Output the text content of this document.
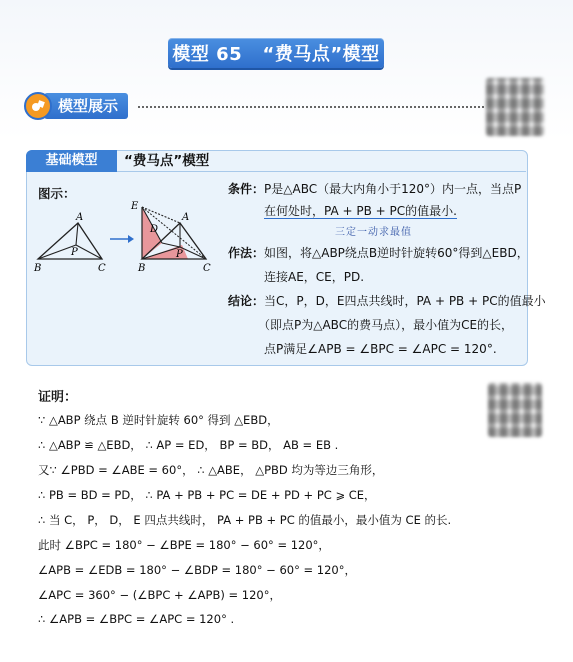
模型 65
“费马点”模型
模型展示
基础模型	“费马点”模型
图示：
A
P
B	C
E
D
A
P
B	C
条件：P是△ABC（最大内角小于120°）内一点，当点P
在何处时，PA + PB + PC的值最小.
三定一动求最值
作法：如图，将△ABP绕点B逆时针旋转60°得到△EBD，
连接AE，CE，PD.
结论：当C，P，D，E四点共线时，PA + PB + PC的值最小
（即点P为△ABC的费马点），最小值为CE的长，
点P满足∠APB = ∠BPC = ∠APC = 120°.
证明：
∵ △ABP 绕点 B 逆时针旋转 60° 得到 △EBD，
∴ △ABP ≌ △EBD， ∴ AP = ED， BP = BD， AB = EB .
又∵ ∠PBD = ∠ABE = 60°， ∴ △ABE， △PBD 均为等边三角形，
∴ PB = BD = PD， ∴ PA + PB + PC = DE + PD + PC ⩾ CE，
∴ 当 C， P， D， E 四点共线时， PA + PB + PC 的值最小，最小值为 CE 的长.
此时 ∠BPC = 180° − ∠BPE = 180° − 60° = 120°，
∠APB = ∠EDB = 180° − ∠BDP = 180° − 60° = 120°，
∠APC = 360° − (∠BPC + ∠APB) = 120°，
∴ ∠APB = ∠BPC = ∠APC = 120° .
